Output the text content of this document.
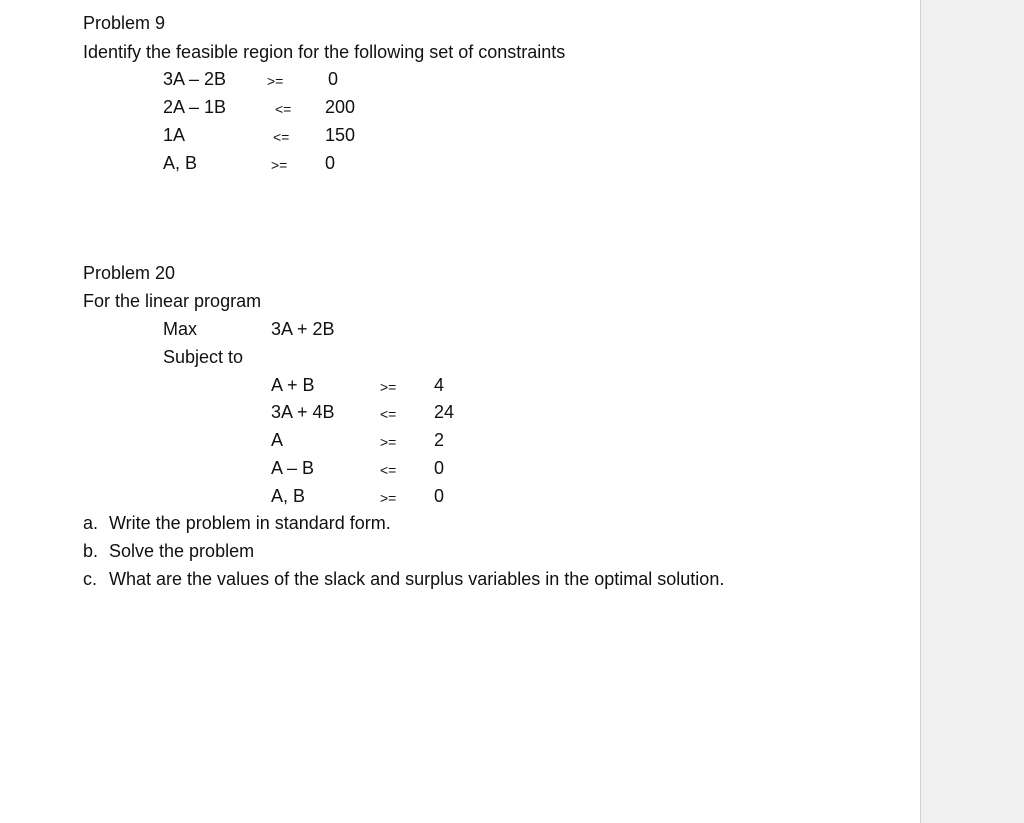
Problem 9
Identify the feasible region for the following set of constraints
3A – 2B	>= 0
2A – 1B	<= 200
1A	<= 150
A, B	>= 0
Problem 20
For the linear program
Max	3A + 2B
Subject to
A + B	>= 4
3A + 4B	<= 24
A	>= 2
A – B	<= 0
A, B	>= 0
a. Write the problem in standard form.
b. Solve the problem
c. What are the values of the slack and surplus variables in the optimal solution.
